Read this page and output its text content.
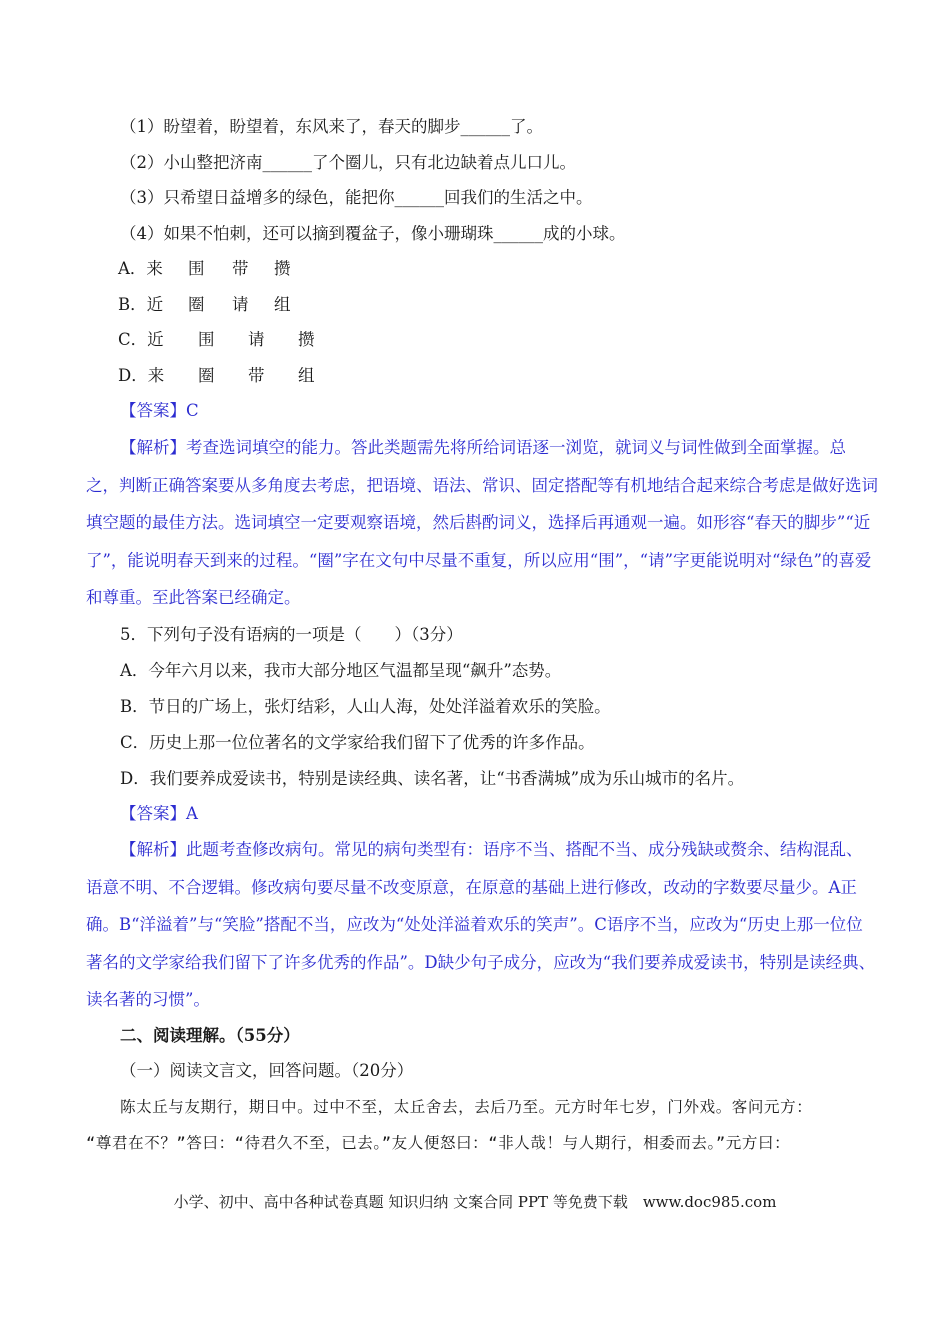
（1）盼望着，盼望着，东风来了，春天的脚步______了。
（2）小山整把济南______了个圈儿，只有北边缺着点儿口儿。
（3）只希望日益增多的绿色，能把你______回我们的生活之中。
（4）如果不怕刺，还可以摘到覆盆子，像小珊瑚珠______成的小球。
A．来 围 带 攒
B．近 圈 请 组
C．近 围 请 攒
D．来 圈 带 组
【答案】C
【解析】考查选词填空的能力。答此类题需先将所给词语逐一浏览，就词义与词性做到全面掌握。总之，判断正确答案要从多角度去考虑，把语境、语法、常识、固定搭配等有机地结合起来综合考虑是做好选词填空题的最佳方法。选词填空一定要观察语境，然后斟酌词义，选择后再通观一遍。如形容“春天的脚步”“近了”，能说明春天到来的过程。“圈”字在文句中尽量不重复，所以应用“围”，“请”字更能说明对“绿色”的喜爱和尊重。至此答案已经确定。
5．下列句子没有语病的一项是（　　）（3分）
A．今年六月以来，我市大部分地区气温都呈现“飙升”态势。
B．节日的广场上，张灯结彩，人山人海，处处洋溢着欢乐的笑脸。
C．历史上那一位位著名的文学家给我们留下了优秀的许多作品。
D．我们要养成爱读书，特别是读经典、读名著，让“书香满城”成为乐山城市的名片。
【答案】A
【解析】此题考查修改病句。常见的病句类型有：语序不当、搭配不当、成分残缺或赘余、结构混乱、语意不明、不合逻辑。修改病句要尽量不改变原意，在原意的基础上进行修改，改动的字数要尽量少。A正确。B“洋溢着”与“笑脸”搭配不当，应改为“处处洋溢着欢乐的笑声”。C语序不当，应改为“历史上那一位位著名的文学家给我们留下了许多优秀的作品”。D缺少句子成分，应改为“我们要养成爱读书，特别是读经典、读名著的习惯”。
二、阅读理解。（55分）
（一）阅读文言文，回答问题。（20分）
陈太丘与友期行，期日中。过中不至，太丘舍去，去后乃至。元方时年七岁，门外戏。客问元方：
“尊君在不？”答曰：“待君久不至，已去。”友人便怒曰：“非人哉！与人期行，相委而去。”元方曰：
小学、初中、高中各种试卷真题 知识归纳 文案合同 PPT 等免费下载　www.doc985.com
